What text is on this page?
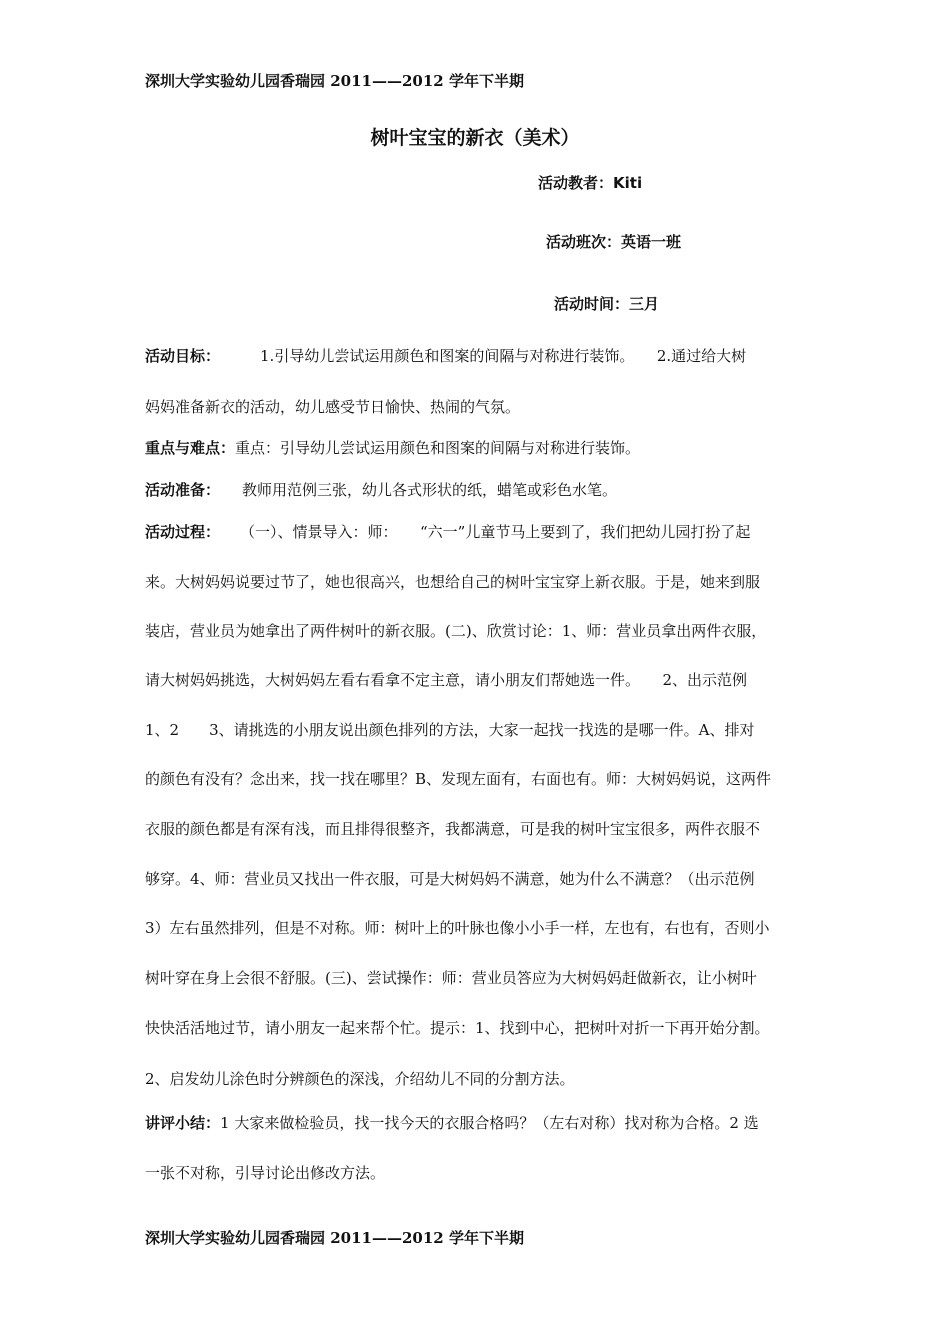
深圳大学实验幼儿园香瑞园 2011——2012 学年下半期
树叶宝宝的新衣（美术）
活动教者：Kiti
活动班次：英语一班
活动时间：三月
活动目标：	1.引导幼儿尝试运用颜色和图案的间隔与对称进行装饰。　　2.通过给大树
妈妈准备新衣的活动，幼儿感受节日愉快、热闹的气氛。
重点与难点：重点：引导幼儿尝试运用颜色和图案的间隔与对称进行装饰。
活动准备： 教师用范例三张，幼儿各式形状的纸，蜡笔或彩色水笔。
活动过程： （一）、情景导入：师：　　“六一”儿童节马上要到了，我们把幼儿园打扮了起
来。大树妈妈说要过节了，她也很高兴，也想给自己的树叶宝宝穿上新衣服。于是，她来到服
装店，营业员为她拿出了两件树叶的新衣服。(二)、欣赏讨论：1、师：营业员拿出两件衣服，
请大树妈妈挑选，大树妈妈左看右看拿不定主意，请小朋友们帮她选一件。　　2、出示范例
1、2　　3、请挑选的小朋友说出颜色排列的方法，大家一起找一找选的是哪一件。A、排对
的颜色有没有？念出来，找一找在哪里？B、发现左面有，右面也有。师：大树妈妈说，这两件
衣服的颜色都是有深有浅，而且排得很整齐，我都满意，可是我的树叶宝宝很多，两件衣服不
够穿。4、师：营业员又找出一件衣服，可是大树妈妈不满意，她为什么不满意？（出示范例
3）左右虽然排列，但是不对称。师：树叶上的叶脉也像小小手一样，左也有，右也有，否则小
树叶穿在身上会很不舒服。(三)、尝试操作：师：营业员答应为大树妈妈赶做新衣，让小树叶
快快活活地过节，请小朋友一起来帮个忙。提示：1、找到中心，把树叶对折一下再开始分割。
2、启发幼儿涂色时分辨颜色的深浅，介绍幼儿不同的分割方法。
讲评小结：1 大家来做检验员，找一找今天的衣服合格吗？（左右对称）找对称为合格。2 选
一张不对称，引导讨论出修改方法。
深圳大学实验幼儿园香瑞园 2011——2012 学年下半期
